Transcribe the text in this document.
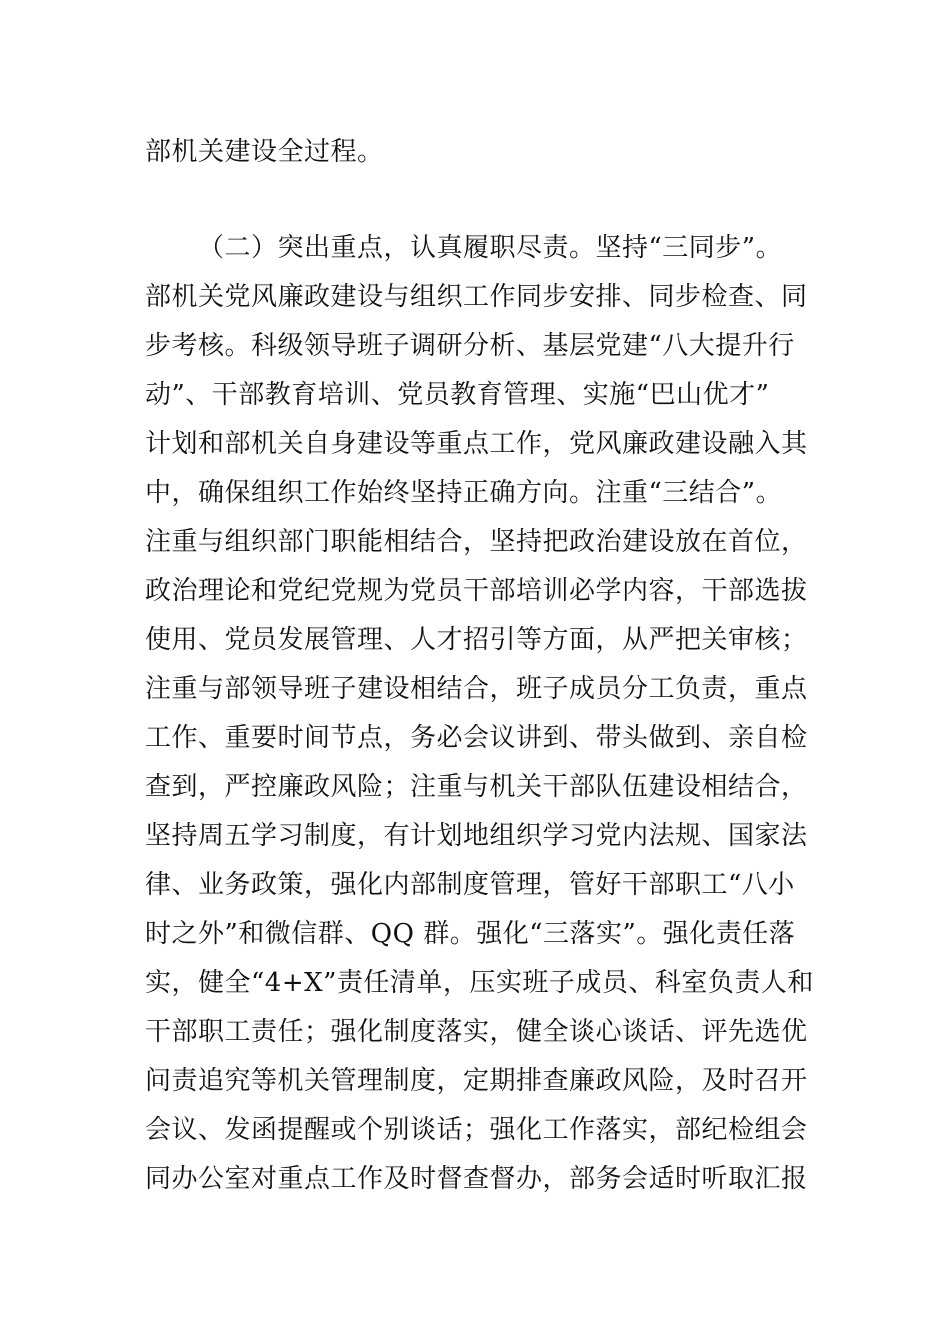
部机关建设全过程。
（二）突出重点，认真履职尽责。坚持“三同步”。
部机关党风廉政建设与组织工作同步安排、同步检查、同
步考核。科级领导班子调研分析、基层党建“八大提升行
动”、干部教育培训、党员教育管理、实施“巴山优才”
计划和部机关自身建设等重点工作，党风廉政建设融入其
中，确保组织工作始终坚持正确方向。注重“三结合”。
注重与组织部门职能相结合，坚持把政治建设放在首位，
政治理论和党纪党规为党员干部培训必学内容，干部选拔
使用、党员发展管理、人才招引等方面，从严把关审核；
注重与部领导班子建设相结合，班子成员分工负责，重点
工作、重要时间节点，务必会议讲到、带头做到、亲自检
查到，严控廉政风险；注重与机关干部队伍建设相结合，
坚持周五学习制度，有计划地组织学习党内法规、国家法
律、业务政策，强化内部制度管理，管好干部职工“八小
时之外”和微信群、QQ 群。强化“三落实”。强化责任落
实，健全“4+X”责任清单，压实班子成员、科室负责人和
干部职工责任；强化制度落实，健全谈心谈话、评先选优
问责追究等机关管理制度，定期排查廉政风险，及时召开
会议、发函提醒或个别谈话；强化工作落实，部纪检组会
同办公室对重点工作及时督查督办，部务会适时听取汇报
